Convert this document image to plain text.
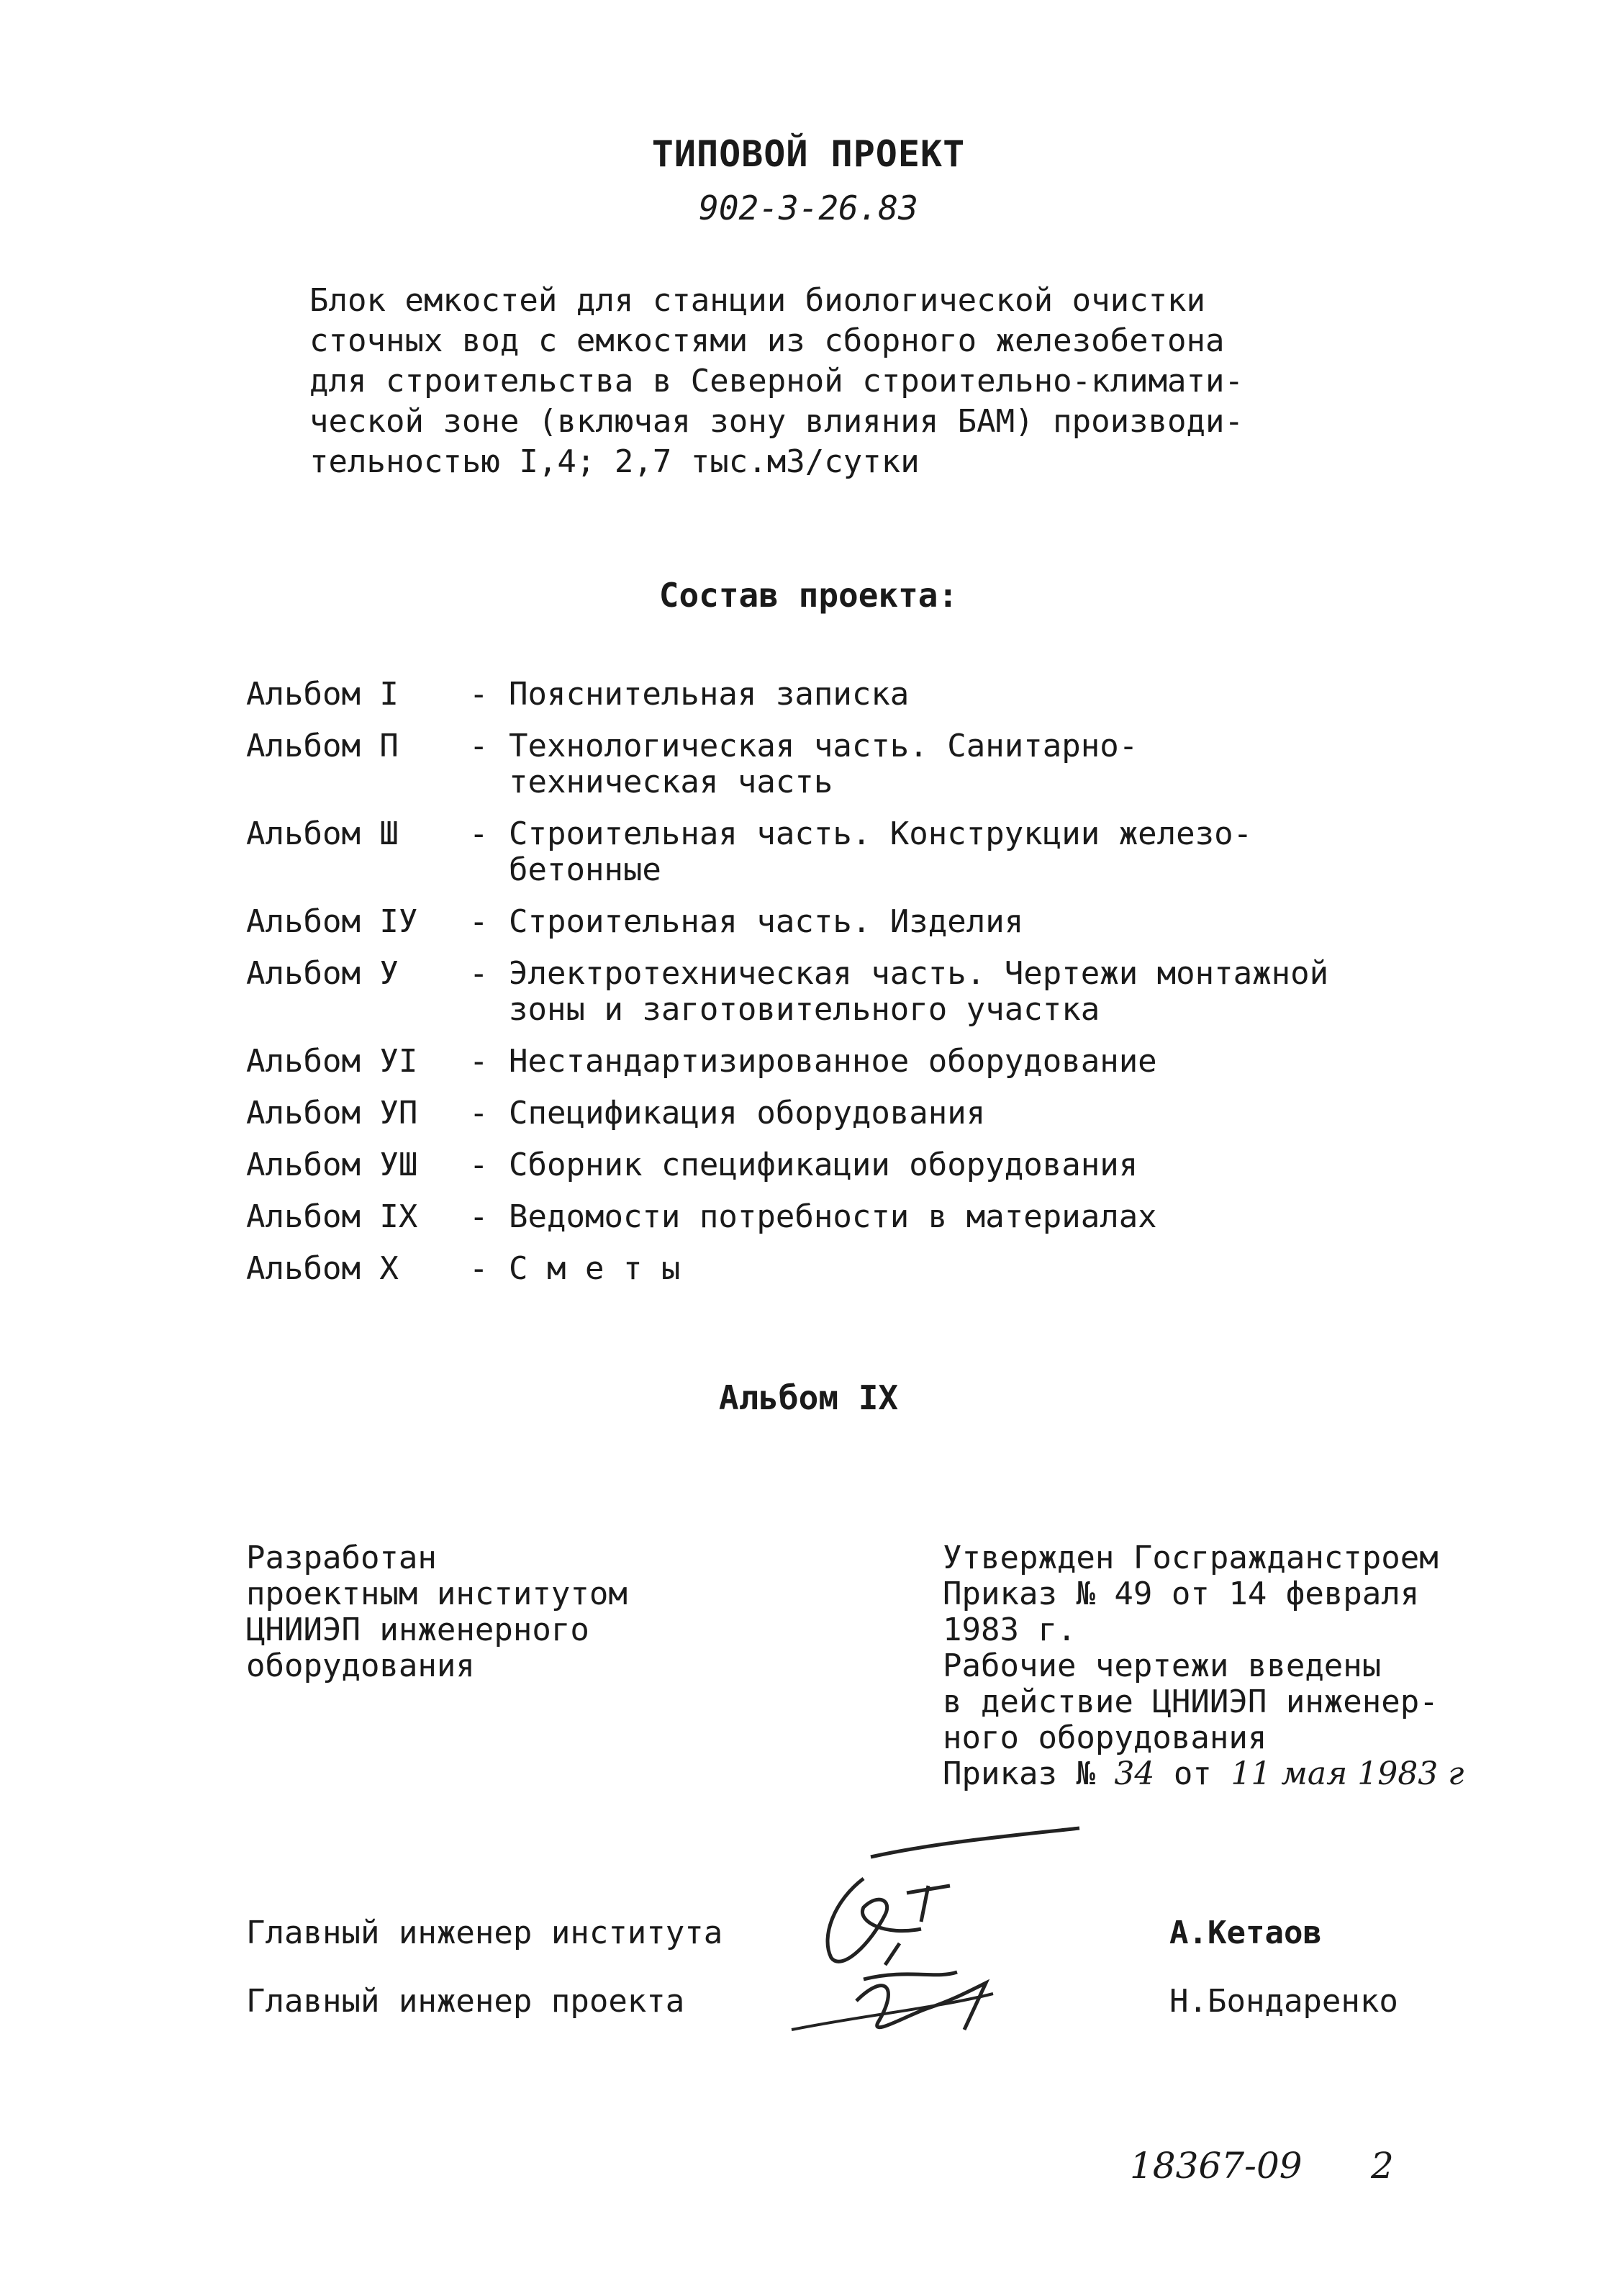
ТИПОВОЙ ПРОЕКТ
902-3-26.83
Блок емкостей для станции биологической очистки
сточных вод с емкостями из сборного железобетона
для строительства в Северной строительно-климати-
ческой зоне (включая зону влияния БАМ) производи-
тельностью I,4; 2,7 тыс.м3/сутки
Состав проекта:
Альбом I	- Пояснительная записка
Альбом П	- Технологическая часть. Санитарно-
техническая часть
Альбом Ш	- Строительная часть. Конструкции железо-
бетонные
Альбом IУ	- Строительная часть. Изделия
Альбом У	- Электротехническая часть. Чертежи монтажной
зоны и заготовительного участка
Альбом УI	- Нестандартизированное оборудование
Альбом УП	- Спецификация оборудования
Альбом УШ	- Сборник спецификации оборудования
Альбом IX	- Ведомости потребности в материалах
Альбом X	- С м е т ы
Альбом IX
Разработан
проектным институтом
ЦНИИЭП инженерного
оборудования
Утвержден Госгражданстроем
Приказ № 49 от 14 февраля
1983 г.
Рабочие чертежи введены
в действие ЦНИИЭП инженер-
ного оборудования
Приказ № 34 от 11 мая 1983 г
Главный инженер института	А.Кетаов
Главный инженер проекта	Н.Бондаренко
18367-09 2
